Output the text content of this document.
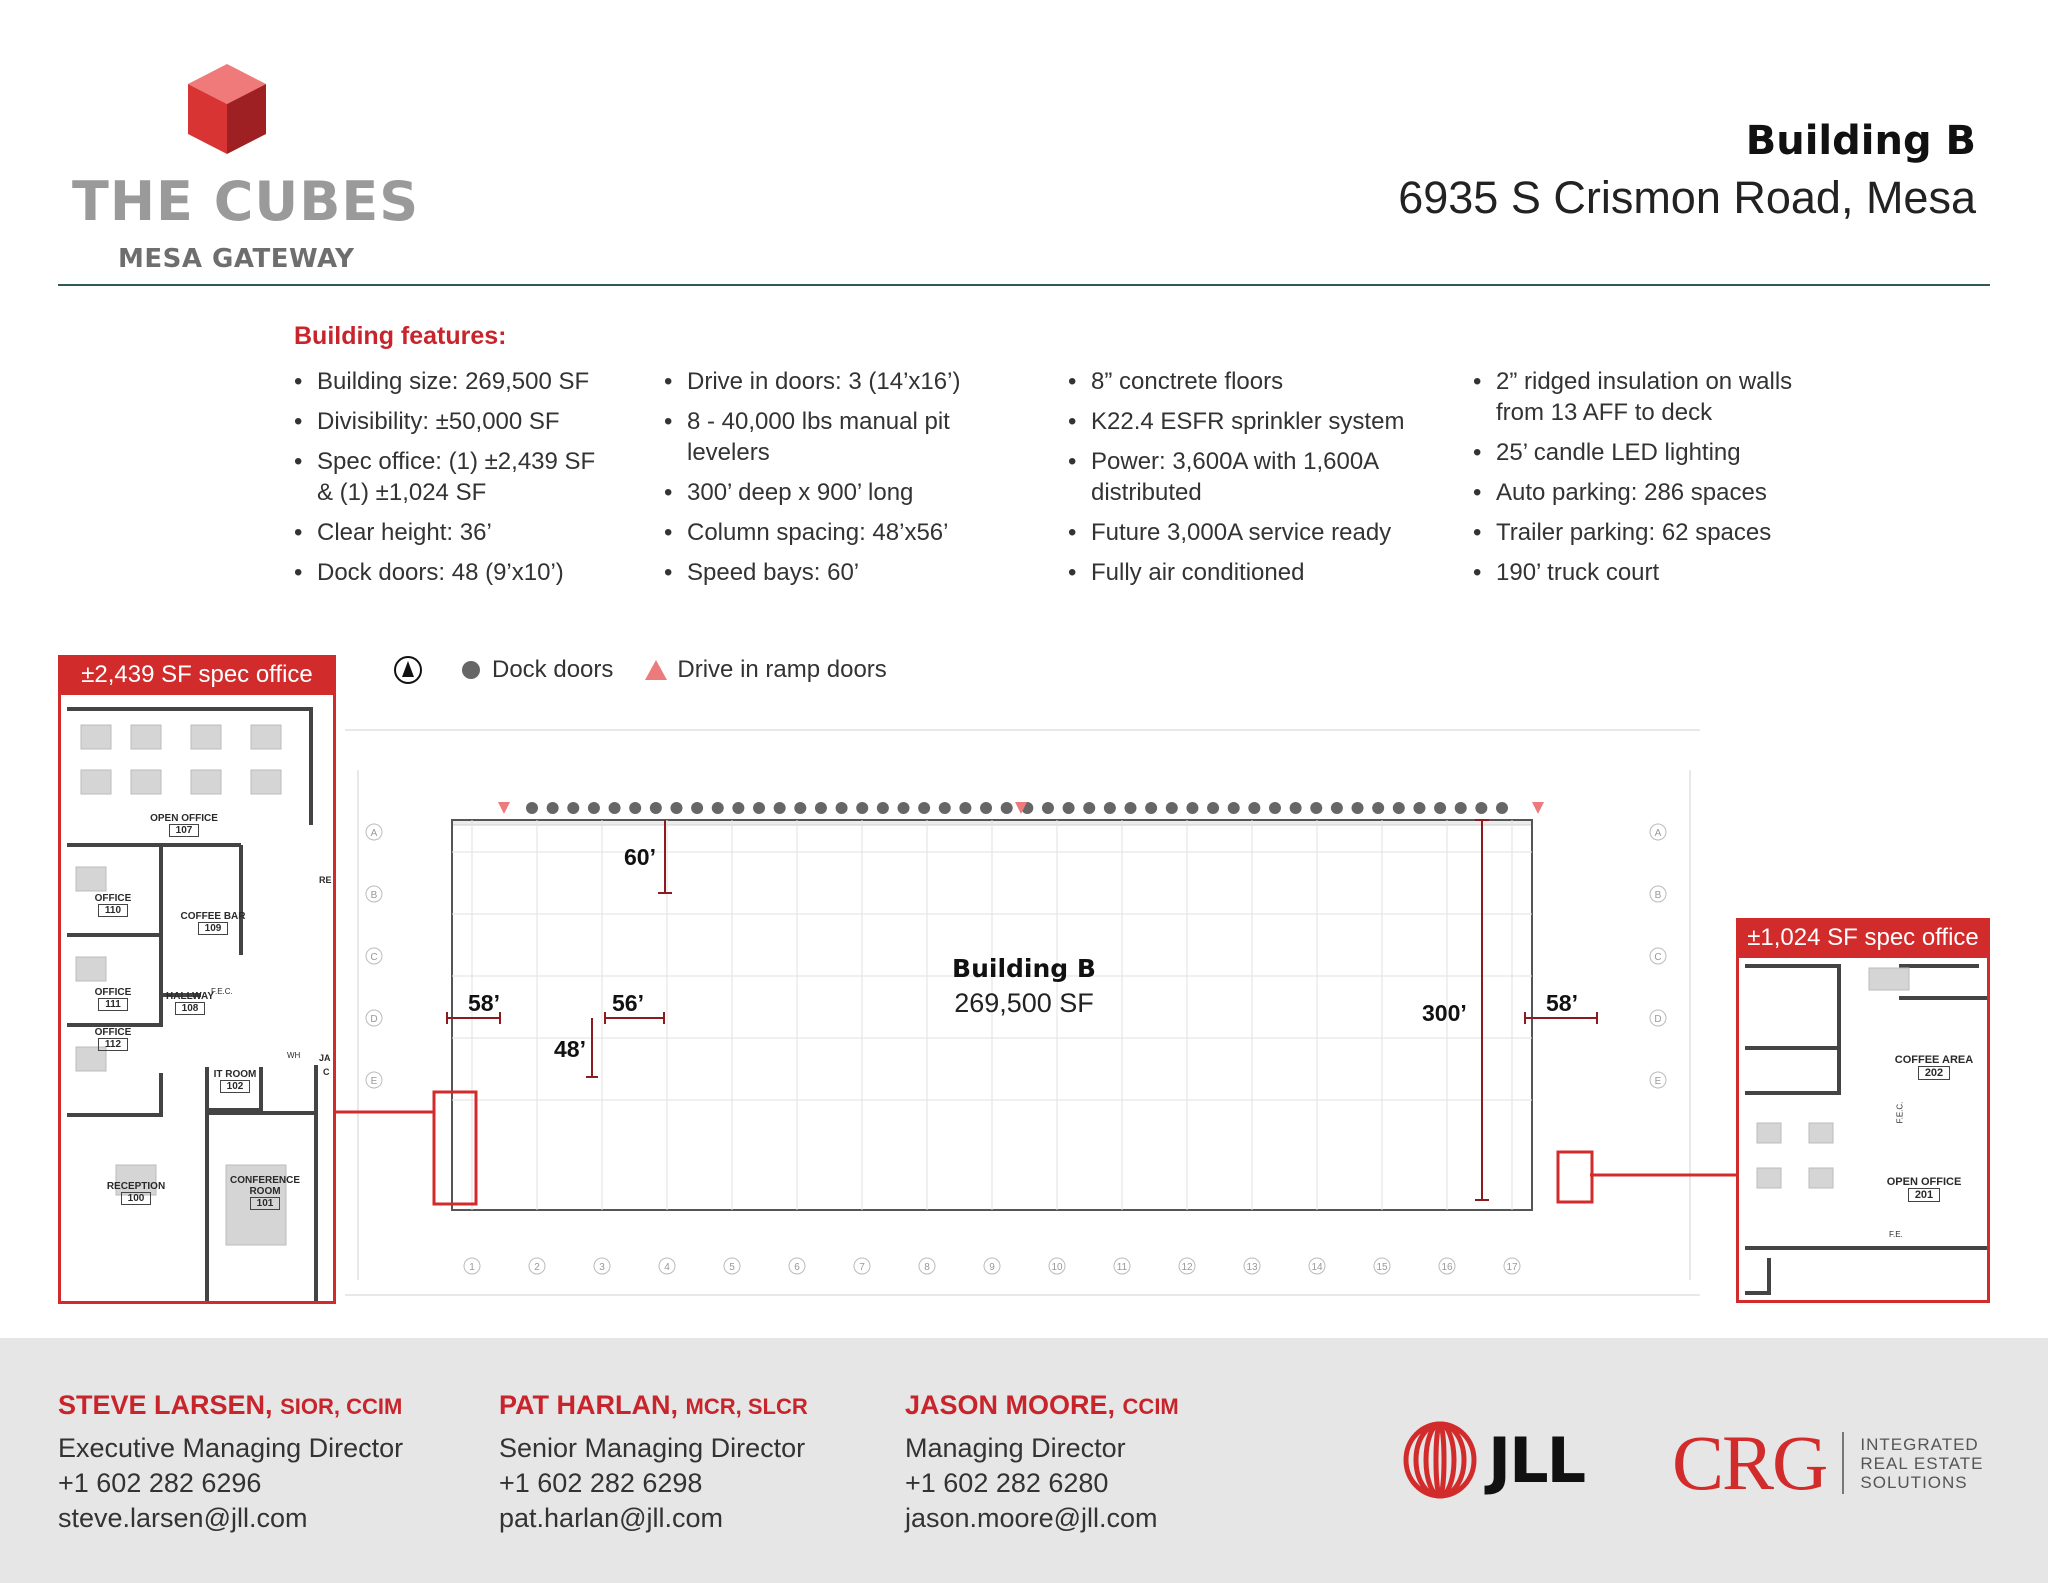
THE CUBES
MESA GATEWAY
Building B
6935 S Crismon Road, Mesa
Building features:
• Building size: 269,500 SF
• Divisibility: ±50,000 SF
• Spec office: (1) ±2,439 SF & (1) ±1,024 SF
• Clear height: 36’
• Dock doors: 48 (9’x10’)
• Drive in doors: 3 (14’x16’)
• 8 - 40,000 lbs manual pit levelers
• 300’ deep x 900’ long
• Column spacing: 48’x56’
• Speed bays: 60’
• 8” conctrete floors
• K22.4 ESFR sprinkler system
• Power: 3,600A with 1,600A distributed
• Future 3,000A service ready
• Fully air conditioned
• 2” ridged insulation on walls from 13 AFF to deck
• 25’ candle LED lighting
• Auto parking: 286 spaces
• Trailer parking: 62 spaces
• 190’ truck court
Dock doors	Drive in ramp doors
1	2	3	4	5	6	7	8	9	10	11	12	13	14	15	16	17
A	A
B	B
C	C
D	D
E	E
60’
58’	56’
48’
300’	58’
Building B
269,500 SF
±2,439 SF spec office
OPEN OFFICE
107
OFFICE
110
COFFEE BAR
109
OFFICE
111
HALLWAY
108
OFFICE
112
IT ROOM
102
RECEPTION
100
CONFERENCE ROOM
101
F.E.C.
WH
RE
JA
C
±1,024 SF spec office
COFFEE AREA
202
OPEN OFFICE
201
F.E.C.
F.E.
STEVE LARSEN, SIOR, CCIM
Executive Managing Director
+1 602 282 6296
steve.larsen@jll.com
PAT HARLAN, MCR, SLCR
Senior Managing Director
+1 602 282 6298
pat.harlan@jll.com
JASON MOORE, CCIM
Managing Director
+1 602 282 6280
jason.moore@jll.com
JLL CRG INTEGRATED
REAL ESTATE
SOLUTIONS
